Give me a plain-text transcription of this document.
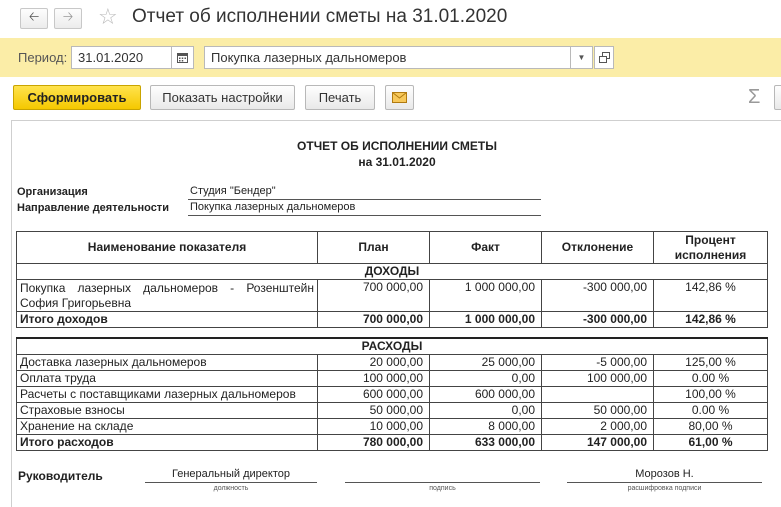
🡠 🡢 ☆ Отчет об исполнении сметы на 31.01.2020
Период: 31.01.2020	Покупка лазерных дальномеров	▼
Сформировать	Показать настройки	Печать	Σ
ОТЧЕТ ОБ ИСПОЛНЕНИИ СМЕТЫ
на 31.01.2020
Организация	Студия "Бендер"
Направление деятельности Покупка лазерных дальномеров
Наименование показателя	План	Факт	Отклонение	Процент исполнения
ДОХОДЫ				
Покупка лазерных дальномеров - Розенштейн София Григорьевна	700 000,00	1 000 000,00	-300 000,00	142,86 %
Итого доходов	700 000,00	1 000 000,00	-300 000,00	142,86 %

РАСХОДЫ				
Доставка лазерных дальномеров	20 000,00	25 000,00	-5 000,00	125,00 %
Оплата труда	100 000,00	0,00	100 000,00	0.00 %
Расчеты с поставщиками лазерных дальномеров	600 000,00	600 000,00		100,00 %
Страховые взносы	50 000,00	0,00	50 000,00	0.00 %
Хранение на складе	10 000,00	8 000,00	2 000,00	80,00 %
Итого расходов	780 000,00	633 000,00	147 000,00	61,00 %
Руководитель	Генеральный директор
должность	подпись
Морозов Н.
расшифровка подписи
